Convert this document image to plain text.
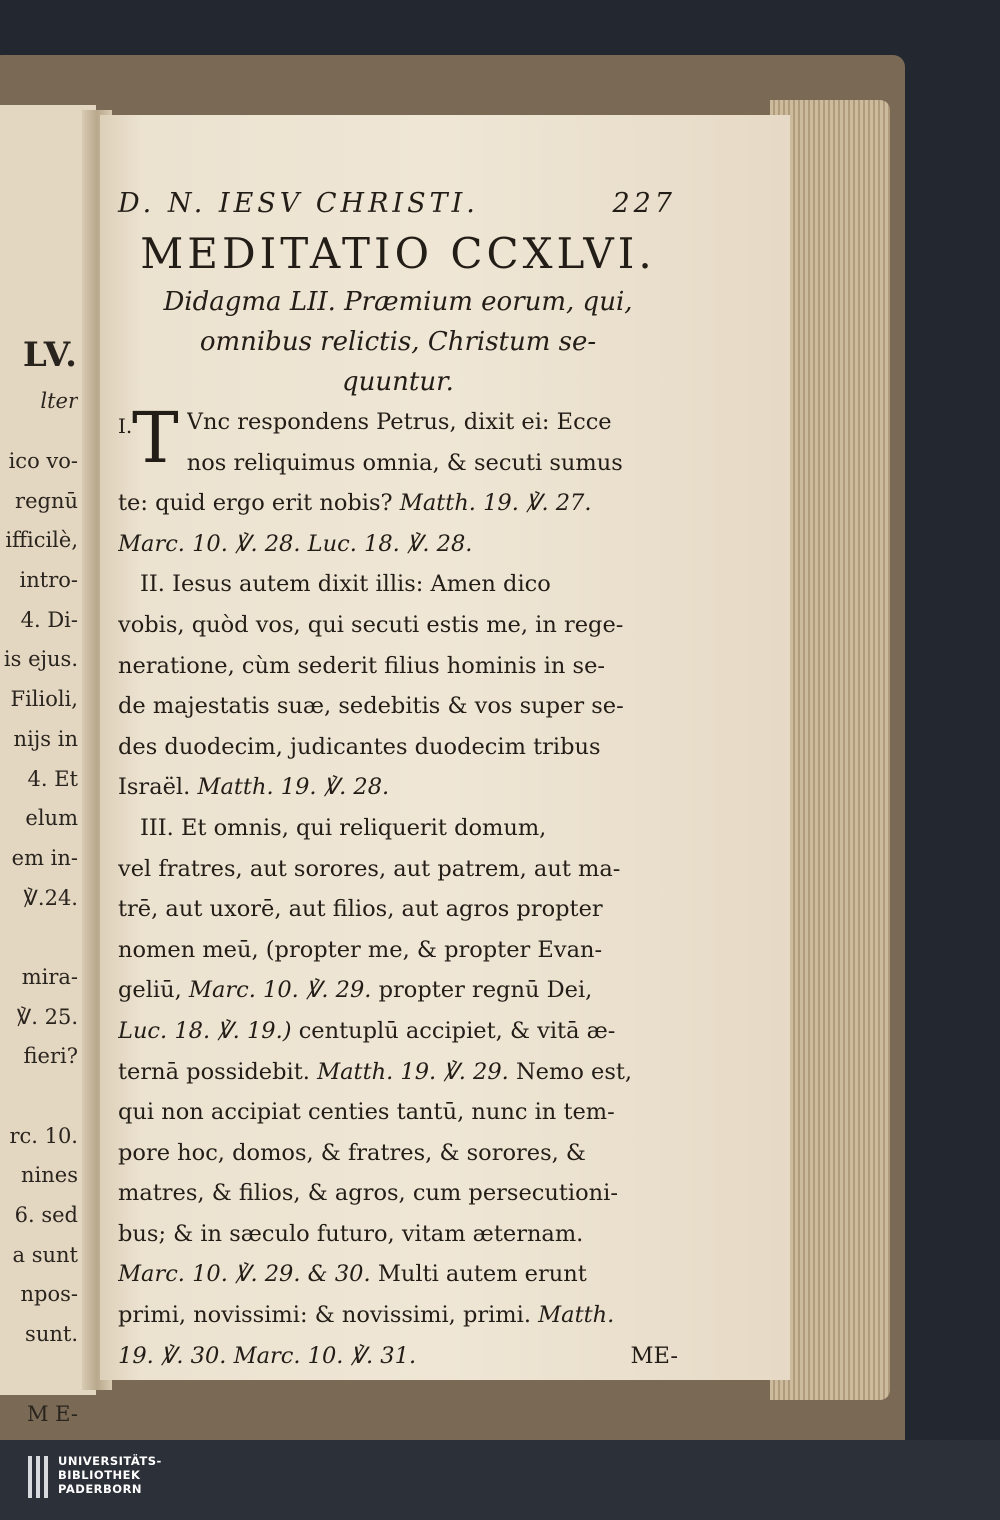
LV.
lter
ico vo-
regnū
ifficilè,
intro-
4. Di-
is ejus.
Filioli,
nijs in
4. Et
elum
em in-
℣.24.
mira-
℣. 25.
fieri?
rc. 10.
nines
6. sed
a sunt
npos-
sunt.
M E-
D. N. IESV CHRISTI.	227
MEDITATIO CCXLVI.
Didagma LII. Præmium eorum, qui,
omnibus relictis, Christum se-
quuntur.
I. T Vnc respondens Petrus, dixit ei: Ecce
nos reliquimus omnia, & secuti sumus
te: quid ergo erit nobis? Matth. 19. ℣. 27.
Marc. 10. ℣. 28. Luc. 18. ℣. 28.
II. Iesus autem dixit illis: Amen dico
vobis, quòd vos, qui secuti estis me, in rege-
neratione, cùm sederit filius hominis in se-
de majestatis suæ, sedebitis & vos super se-
des duodecim, judicantes duodecim tribus
Israël. Matth. 19. ℣. 28.
III. Et omnis, qui reliquerit domum,
vel fratres, aut sorores, aut patrem, aut ma-
trē, aut uxorē, aut filios, aut agros propter
nomen meū, (propter me, & propter Evan-
geliū, Marc. 10. ℣. 29. propter regnū Dei,
Luc. 18. ℣. 19.) centuplū accipiet, & vitā æ-
ternā possidebit. Matth. 19. ℣. 29. Nemo est,
qui non accipiat centies tantū, nunc in tem-
pore hoc, domos, & fratres, & sorores, &
matres, & filios, & agros, cum persecutioni-
bus; & in sæculo futuro, vitam æternam.
Marc. 10. ℣. 29. & 30. Multi autem erunt
primi, novissimi: & novissimi, primi. Matth.
19. ℣. 30. Marc. 10. ℣. 31.	ME-
UNIVERSITÄTS-
BIBLIOTHEK
PADERBORN
